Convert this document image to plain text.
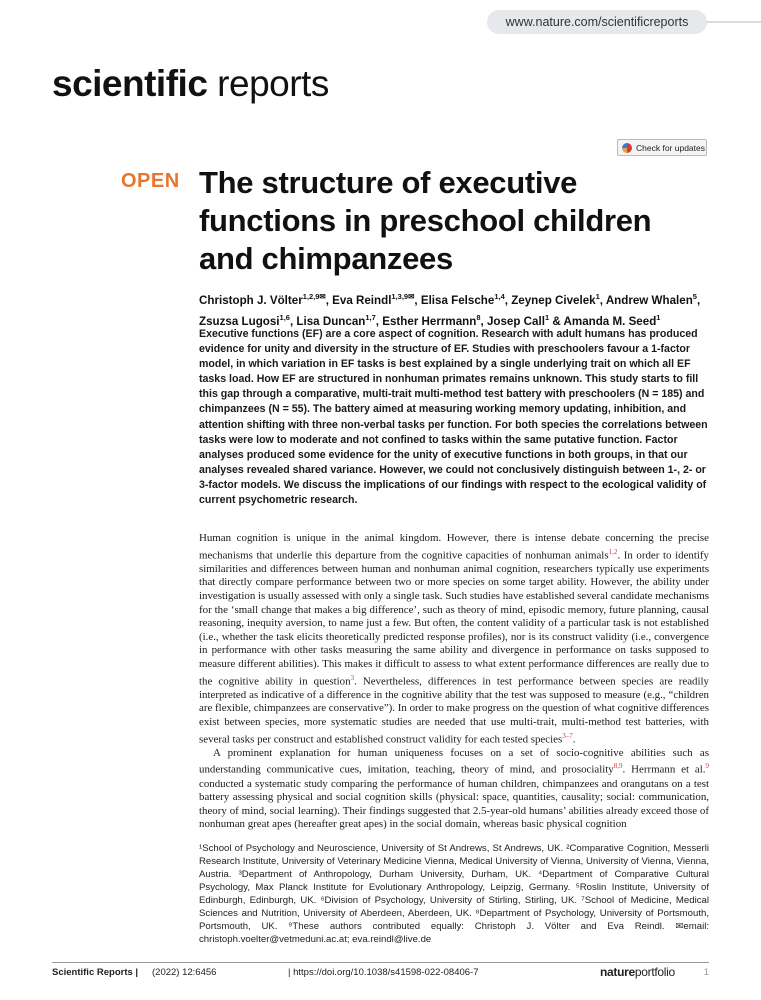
www.nature.com/scientificreports
scientific reports
Check for updates
OPEN The structure of executive functions in preschool children and chimpanzees
Christoph J. Völter$^{1,2,9✉}$, Eva Reindl$^{1,3,9✉}$, Elisa Felsche$^{1,4}$, Zeynep Civelek$^1$, Andrew Whalen$^5$, Zsuzsa Lugosi$^{1,6}$, Lisa Duncan$^{1,7}$, Esther Herrmann$^8$, Josep Call$^1$ & Amanda M. Seed$^1$

Executive functions (EF) are a core aspect of cognition. Research with adult humans has produced evidence for unity and diversity in the structure of EF. Studies with preschoolers favour a 1-factor model, in which variation in EF tasks is best explained by a single underlying trait on which all EF tasks load. How EF are structured in nonhuman primates remains unknown. This study starts to fill this gap through a comparative, multi-trait multi-method test battery with preschoolers (N = 185) and chimpanzees (N = 55). The battery aimed at measuring working memory updating, inhibition, and attention shifting with three non-verbal tasks per function. For both species the correlations between tasks were low to moderate and not confined to tasks within the same putative function. Factor analyses produced some evidence for the unity of executive functions in both groups, in that our analyses revealed shared variance. However, we could not conclusively distinguish between 1-, 2- or 3-factor models. We discuss the implications of our findings with respect to the ecological validity of current psychometric research.

Human cognition is unique in the animal kingdom. However, there is intense debate concerning the precise mechanisms that underlie this departure from the cognitive capacities of nonhuman animals$^{1,2}$. In order to identify similarities and differences between human and nonhuman animal cognition, researchers typically use experiments that directly compare performance between two or more species on some target ability. However, the ability under investigation is usually assessed with only a single task. Such studies have established several candidate mechanisms for the ‘small change that makes a big difference’, such as theory of mind, episodic memory, future planning, causal reasoning, inequity aversion, to name just a few. But often, the content validity of a particular task is not established (i.e., whether the task elicits theoretically predicted response profiles), nor is its construct validity (i.e., convergence in performance with other tasks measuring the same ability and divergence in performance on tasks supposed to measure different abilities). This makes it difficult to assess to what extent performance differences are really due to the cognitive ability in question$^3$. Nevertheless, differences in test performance between species are readily interpreted as indicative of a difference in the cognitive ability that the test was supposed to measure (e.g., “children are flexible, chimpanzees are conservative”). In order to make progress on the question of what cognitive differences exist between species, more systematic studies are needed that use multi-trait, multi-method test batteries, with several tasks per construct and established construct validity for each tested species$^{3-7}$.

A prominent explanation for human uniqueness focuses on a set of socio-cognitive abilities such as understanding communicative cues, imitation, teaching, theory of mind, and prosociality$^{8,9}$. Herrmann et al.$^9$ conducted a systematic study comparing the performance of human children, chimpanzees and orangutans on a test battery assessing physical and social cognition skills (physical: space, quantities, causality; social: communication, theory of mind, social learning). Their findings suggested that 2.5-year-old humans’ abilities already exceed those of nonhuman great apes (hereafter great apes) in the social domain, whereas basic physical cognition

¹School of Psychology and Neuroscience, University of St Andrews, St Andrews, UK. ²Comparative Cognition, Messerli Research Institute, University of Veterinary Medicine Vienna, Medical University of Vienna, University of Vienna, Vienna, Austria. ³Department of Anthropology, Durham University, Durham, UK. ⁴Department of Comparative Cultural Psychology, Max Planck Institute for Evolutionary Anthropology, Leipzig, Germany. ⁵Roslin Institute, University of Edinburgh, Edinburgh, UK. ⁶Division of Psychology, University of Stirling, Stirling, UK. ⁷School of Medicine, Medical Sciences and Nutrition, University of Aberdeen, Aberdeen, UK. ⁸Department of Psychology, University of Portsmouth, Portsmouth, UK. ⁹These authors contributed equally: Christoph J. Völter and Eva Reindl. ✉email: christoph.voelter@vetmeduni.ac.at; eva.reindl@live.de

Scientific Reports | (2022) 12:6456	| https://doi.org/10.1038/s41598-022-08406-7	natureportfolio	1
